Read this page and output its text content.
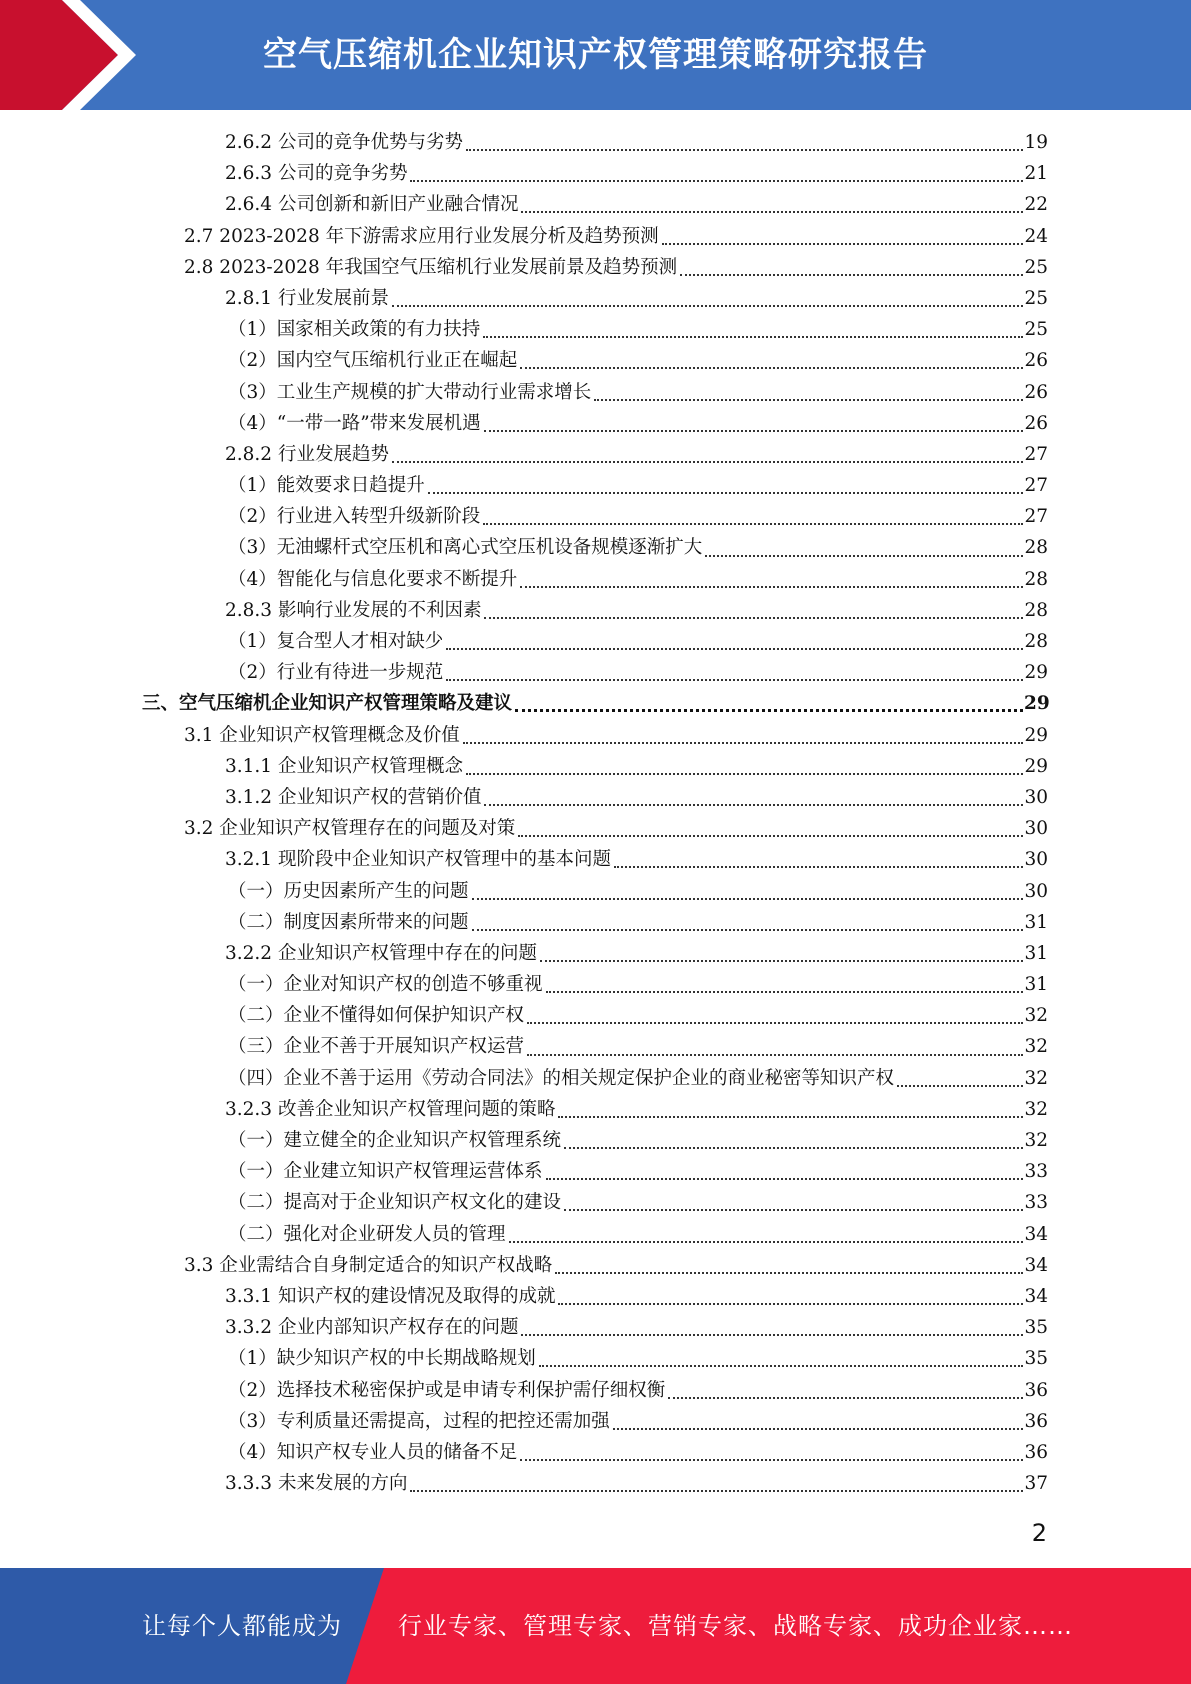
空气压缩机企业知识产权管理策略研究报告
2.6.2 公司的竞争优势与劣势	19
2.6.3 公司的竞争劣势	21
2.6.4 公司创新和新旧产业融合情况	22
2.7 2023-2028 年下游需求应用行业发展分析及趋势预测	24
2.8 2023-2028 年我国空气压缩机行业发展前景及趋势预测	25
2.8.1 行业发展前景	25
（1）国家相关政策的有力扶持	25
（2）国内空气压缩机行业正在崛起	26
（3）工业生产规模的扩大带动行业需求增长	26
（4）“一带一路”带来发展机遇	26
2.8.2 行业发展趋势	27
（1）能效要求日趋提升	27
（2）行业进入转型升级新阶段	27
（3）无油螺杆式空压机和离心式空压机设备规模逐渐扩大	28
（4）智能化与信息化要求不断提升	28
2.8.3 影响行业发展的不利因素	28
（1）复合型人才相对缺少	28
（2）行业有待进一步规范	29
三、空气压缩机企业知识产权管理策略及建议	29
3.1 企业知识产权管理概念及价值	29
3.1.1 企业知识产权管理概念	29
3.1.2 企业知识产权的营销价值	30
3.2 企业知识产权管理存在的问题及对策	30
3.2.1 现阶段中企业知识产权管理中的基本问题	30
（一）历史因素所产生的问题	30
（二）制度因素所带来的问题	31
3.2.2 企业知识产权管理中存在的问题	31
（一）企业对知识产权的创造不够重视	31
（二）企业不懂得如何保护知识产权	32
（三）企业不善于开展知识产权运营	32
（四）企业不善于运用《劳动合同法》的相关规定保护企业的商业秘密等知识产权	32
3.2.3 改善企业知识产权管理问题的策略	32
（一）建立健全的企业知识产权管理系统	32
（一）企业建立知识产权管理运营体系	33
（二）提高对于企业知识产权文化的建设	33
（二）强化对企业研发人员的管理	34
3.3 企业需结合自身制定适合的知识产权战略	34
3.3.1 知识产权的建设情况及取得的成就	34
3.3.2 企业内部知识产权存在的问题	35
（1）缺少知识产权的中长期战略规划	35
（2）选择技术秘密保护或是申请专利保护需仔细权衡	36
（3）专利质量还需提高，过程的把控还需加强	36
（4）知识产权专业人员的储备不足	36
3.3.3 未来发展的方向	37
2
让每个人都能成为 行业专家、管理专家、营销专家、战略专家、成功企业家……
